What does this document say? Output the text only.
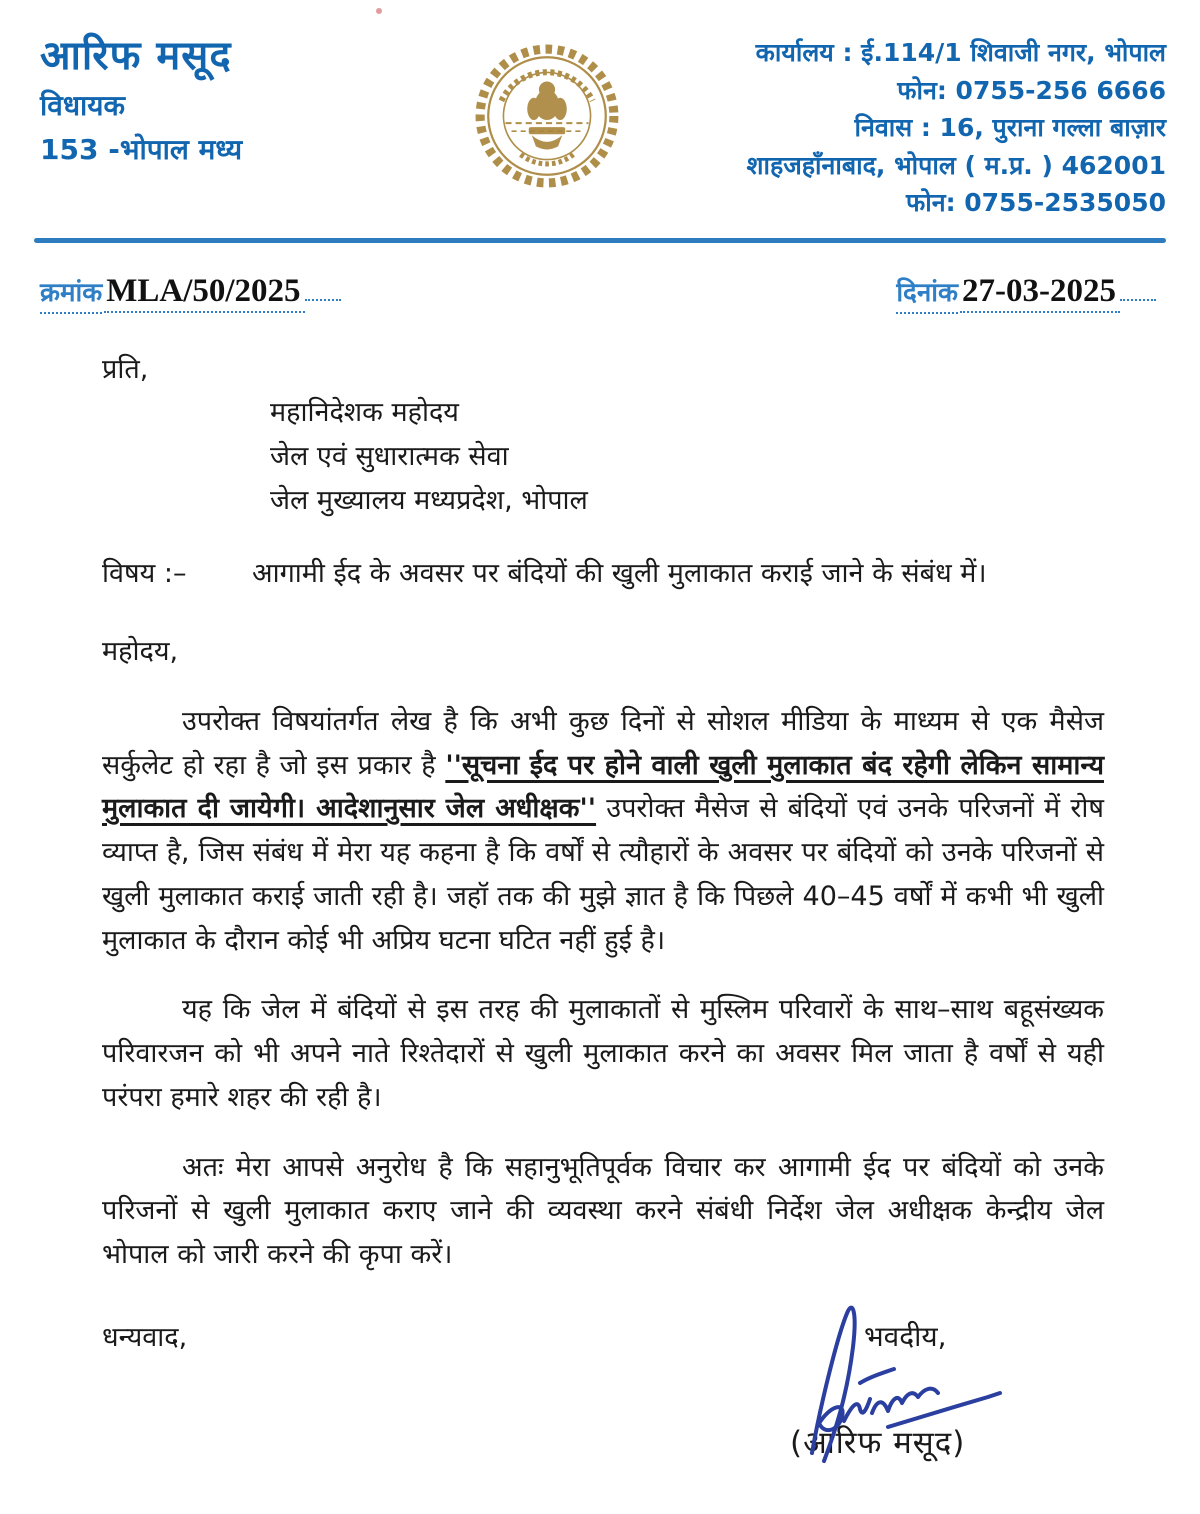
आरिफ मसूद
विधायक
153 -भोपाल मध्य
कार्यालय : ई.114/1 शिवाजी नगर, भोपाल
फोन: 0755-256 6666
निवास : 16, पुराना गल्ला बाज़ार
शाहजहॉंनाबाद, भोपाल ( म.प्र. ) 462001
फोन: 0755-2535050
क्रमांक MLA/50/2025	दिनांक 27-03-2025
प्रति,
महानिदेशक महोदय
जेल एवं सुधारात्मक सेवा
जेल मुख्यालय मध्यप्रदेश, भोपाल
विषय :–	आगामी ईद के अवसर पर बंदियों की खुली मुलाकात कराई जाने के संबंध में।
महोदय,

उपरोक्त विषयांतर्गत लेख है कि अभी कुछ दिनों से सोशल मीडिया के माध्यम से एक मैसेज सर्कुलेट हो रहा है जो इस प्रकार है ''सूचना ईद पर होने वाली खुली मुलाकात बंद रहेगी लेकिन सामान्य मुलाकात दी जायेगी। आदेशानुसार जेल अधीक्षक'' उपरोक्त मैसेज से बंदियों एवं उनके परिजनों में रोष व्याप्त है, जिस संबंध में मेरा यह कहना है कि वर्षों से त्यौहारों के अवसर पर बंदियों को उनके परिजनों से खुली मुलाकात कराई जाती रही है। जहॉ तक की मुझे ज्ञात है कि पिछले 40–45 वर्षों में कभी भी खुली मुलाकात के दौरान कोई भी अप्रिय घटना घटित नहीं हुई है।

यह कि जेल में बंदियों से इस तरह की मुलाकातों से मुस्लिम परिवारों के साथ–साथ बहूसंख्यक परिवारजन को भी अपने नाते रिश्तेदारों से खुली मुलाकात करने का अवसर मिल जाता है वर्षों से यही परंपरा हमारे शहर की रही है।

अतः मेरा आपसे अनुरोध है कि सहानुभूतिपूर्वक विचार कर आगामी ईद पर बंदियों को उनके परिजनों से खुली मुलाकात कराए जाने की व्यवस्था करने संबंधी निर्देश जेल अधीक्षक केन्द्रीय जेल भोपाल को जारी करने की कृपा करें।

धन्यवाद,	भवदीय,
(आरिफ मसूद)
